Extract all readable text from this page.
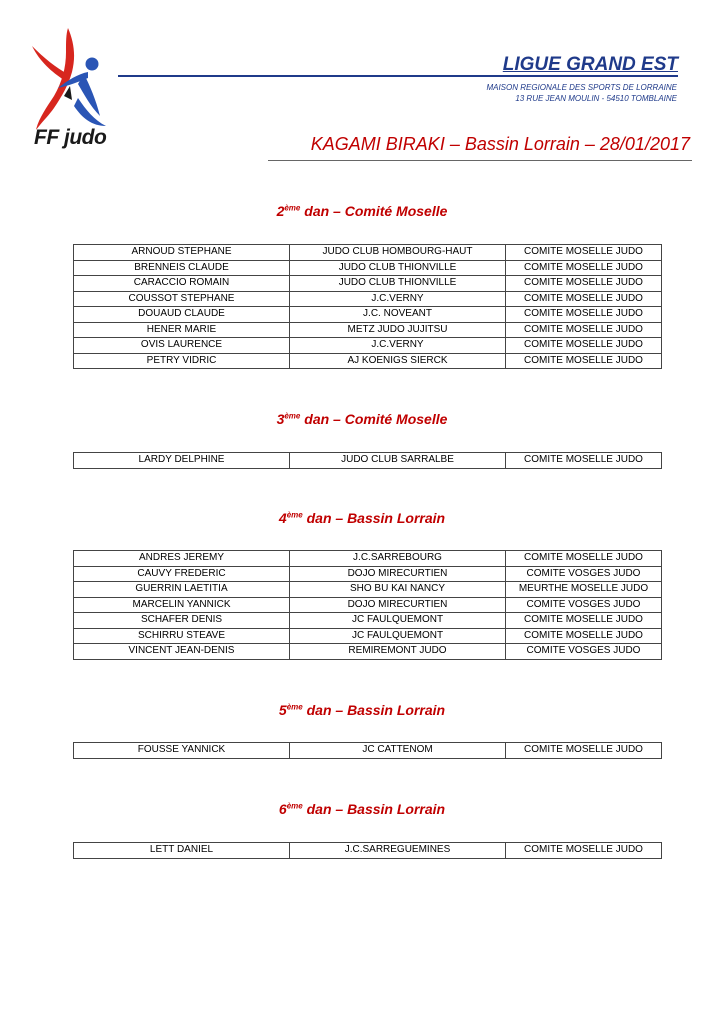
FF judo
LIGUE GRAND EST
MAISON REGIONALE DES SPORTS DE LORRAINE
13 RUE JEAN MOULIN - 54510 TOMBLAINE
KAGAMI BIRAKI – Bassin Lorrain – 28/01/2017
2ème dan – Comité Moselle
ARNOUD STEPHANE	JUDO CLUB HOMBOURG-HAUT	COMITE MOSELLE JUDO
BRENNEIS CLAUDE	JUDO CLUB THIONVILLE	COMITE MOSELLE JUDO
CARACCIO ROMAIN	JUDO CLUB THIONVILLE	COMITE MOSELLE JUDO
COUSSOT STEPHANE	J.C.VERNY	COMITE MOSELLE JUDO
DOUAUD CLAUDE	J.C. NOVEANT	COMITE MOSELLE JUDO
HENER MARIE	METZ JUDO JUJITSU	COMITE MOSELLE JUDO
OVIS LAURENCE	J.C.VERNY	COMITE MOSELLE JUDO
PETRY VIDRIC	AJ KOENIGS SIERCK	COMITE MOSELLE JUDO
3ème dan – Comité Moselle
LARDY DELPHINE	JUDO CLUB SARRALBE	COMITE MOSELLE JUDO
4ème dan – Bassin Lorrain
ANDRES JEREMY	J.C.SARREBOURG	COMITE MOSELLE JUDO
CAUVY FREDERIC	DOJO MIRECURTIEN	COMITE VOSGES JUDO
GUERRIN LAETITIA	SHO BU KAI NANCY	MEURTHE MOSELLE JUDO
MARCELIN YANNICK	DOJO MIRECURTIEN	COMITE VOSGES JUDO
SCHAFER DENIS	JC FAULQUEMONT	COMITE MOSELLE JUDO
SCHIRRU STEAVE	JC FAULQUEMONT	COMITE MOSELLE JUDO
VINCENT JEAN-DENIS	REMIREMONT JUDO	COMITE VOSGES JUDO
5ème dan – Bassin Lorrain
FOUSSE YANNICK	JC CATTENOM	COMITE MOSELLE JUDO
6ème dan – Bassin Lorrain
LETT DANIEL	J.C.SARREGUEMINES	COMITE MOSELLE JUDO
